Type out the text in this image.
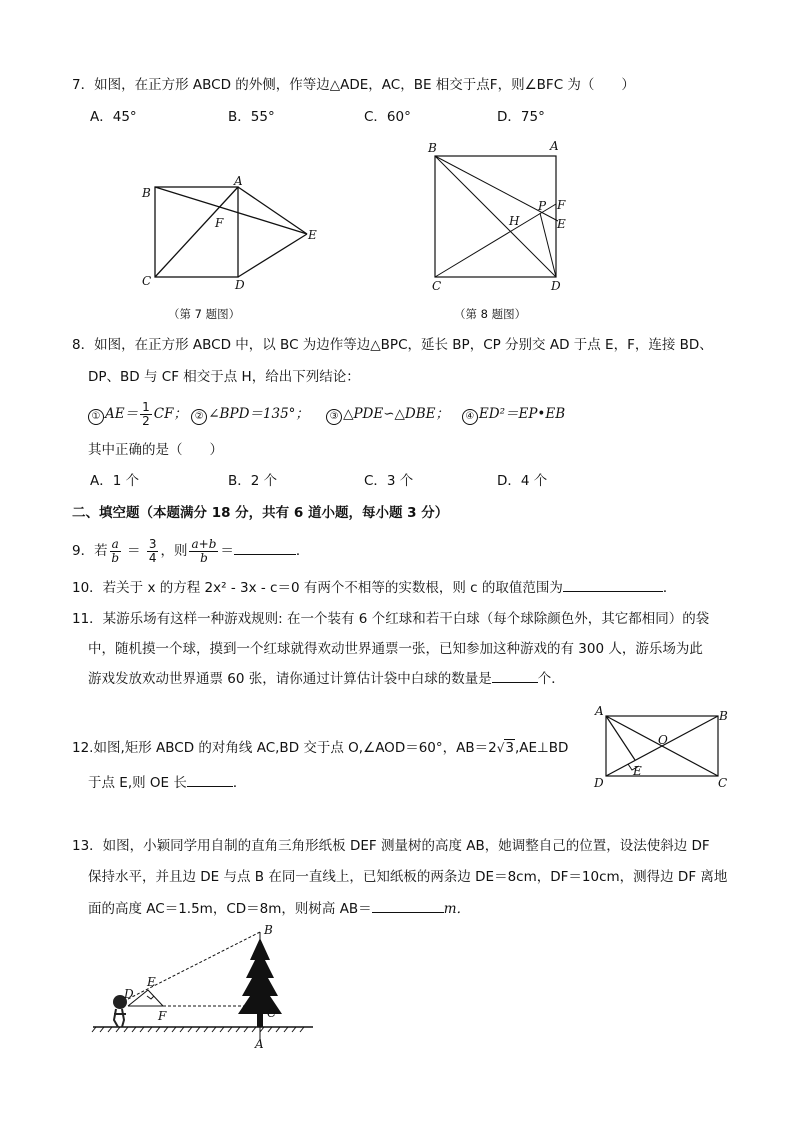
7．如图，在正方形 ABCD 的外侧，作等边△ADE，AC，BE 相交于点F，则∠BFC 为（　　）
A．45°	B．55°	C．60°	D．75°
B
A
E
F
C	D
（第 7 题图）
B	A
P F
E
H
C	D
（第 8 题图）
8．如图，在正方形 ABCD 中，以 BC 为边作等边△BPC，延长 BP，CP 分别交 AD 于点 E，F，连接 BD、
DP、BD 与 CF 相交于点 H，给出下列结论：
① $AE= \frac{1}{2}$ CF； ② ∠BPD＝135°； ③ △PDE∽△DBE； ④ ED²＝EP•EB
其中正确的是（　　）
A．1 个	B．2 个	C．3 个	D．4 个
二、填空题（本题满分 18 分，共有 6 道小题，每小题 3 分）
9．若 $\frac{a}{b} = \frac{3}{4}$ ，则 $\frac{a+b}{b}$ ＝	．
10．若关于 x 的方程 2x² - 3x - c＝0 有两个不相等的实数根，则 c 的取值范围为	．
11．某游乐场有这样一种游戏规则: 在一个装有 6 个红球和若干白球（每个球除颜色外，其它都相同）的袋
中，随机摸一个球，摸到一个红球就得欢动世界通票一张，已知参加这种游戏的有 300 人，游乐场为此
游戏发放欢动世界通票 60 张，请你通过计算估计袋中白球的数量是	个．
12.如图,矩形 ABCD 的对角线 AC,BD 交于点 O,∠AOD＝60°，AB＝2√3,AE⊥BD
于点 E,则 OE 长	．
A	B
O
E
D	C
13．如图，小颖同学用自制的直角三角形纸板 DEF 测量树的高度 AB，她调整自己的位置，设法使斜边 DF
保持水平，并且边 DE 与点 B 在同一直线上，已知纸板的两条边 DE＝8cm，DF＝10cm，测得边 DF 离地
面的高度 AC＝1.5m，CD＝8m，则树高 AB＝	m．
B
E
D
F	C
A
